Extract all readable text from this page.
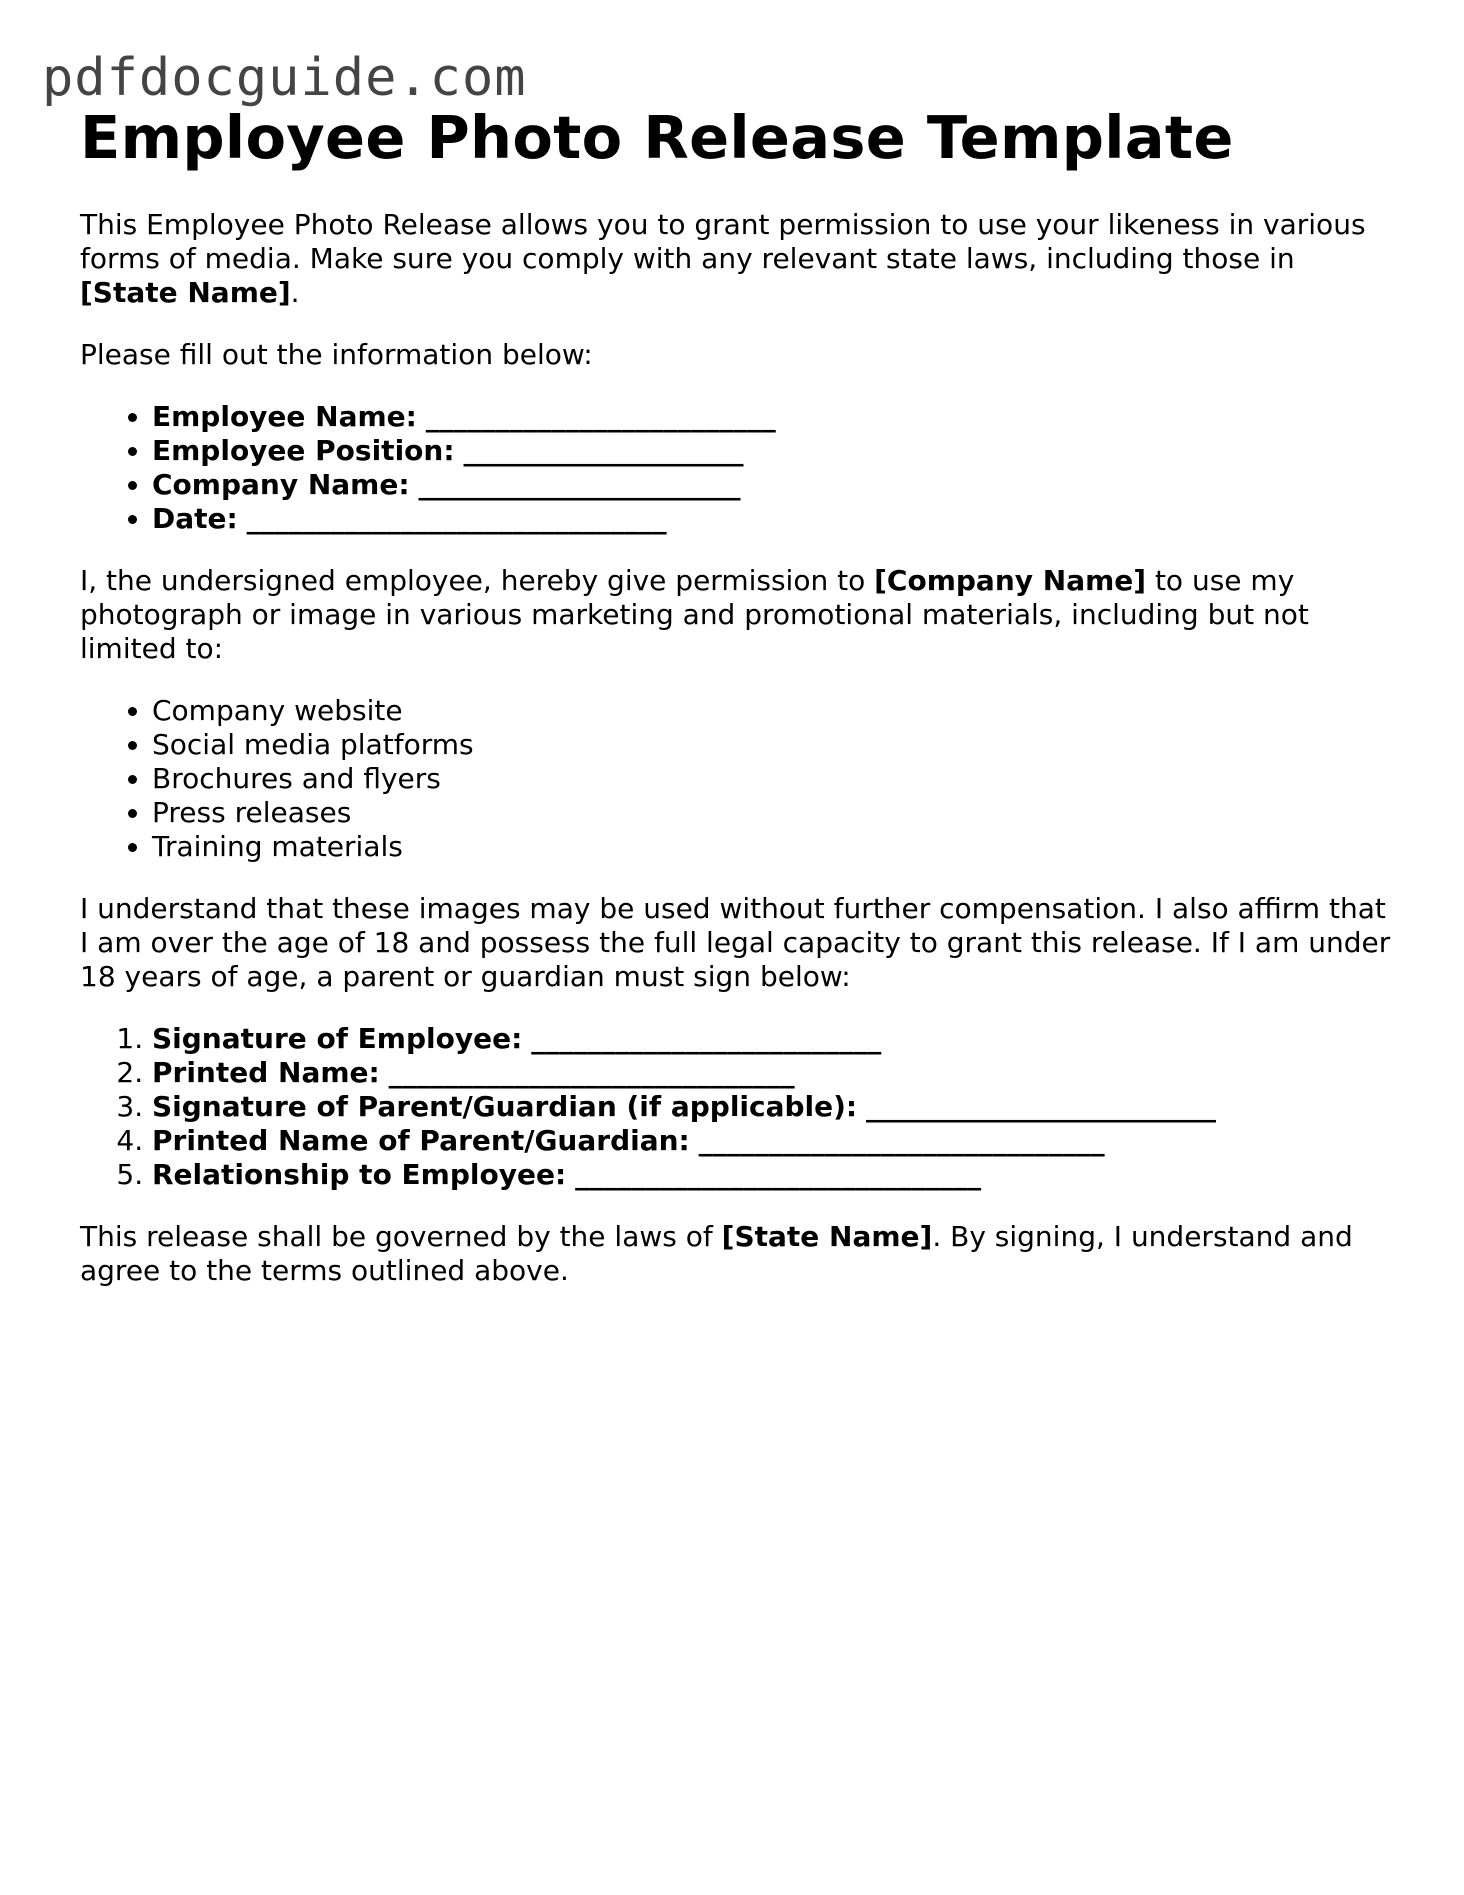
pdfdocguide.com
Employee Photo Release Template

This Employee Photo Release allows you to grant permission to use your likeness in various forms of media. Make sure you comply with any relevant state laws, including those in [State Name].

Please fill out the information below:

• Employee Name: _________________________
• Employee Position: ____________________
• Company Name: _______________________
• Date: ______________________________

I, the undersigned employee, hereby give permission to [Company Name] to use my photograph or image in various marketing and promotional materials, including but not limited to:

• Company website
• Social media platforms
• Brochures and flyers
• Press releases
• Training materials

I understand that these images may be used without further compensation. I also affirm that I am over the age of 18 and possess the full legal capacity to grant this release. If I am under 18 years of age, a parent or guardian must sign below:

1. Signature of Employee: _________________________
2. Printed Name: _____________________________
3. Signature of Parent/Guardian (if applicable): _________________________
4. Printed Name of Parent/Guardian: _____________________________
5. Relationship to Employee: _____________________________

This release shall be governed by the laws of [State Name]. By signing, I understand and agree to the terms outlined above.
